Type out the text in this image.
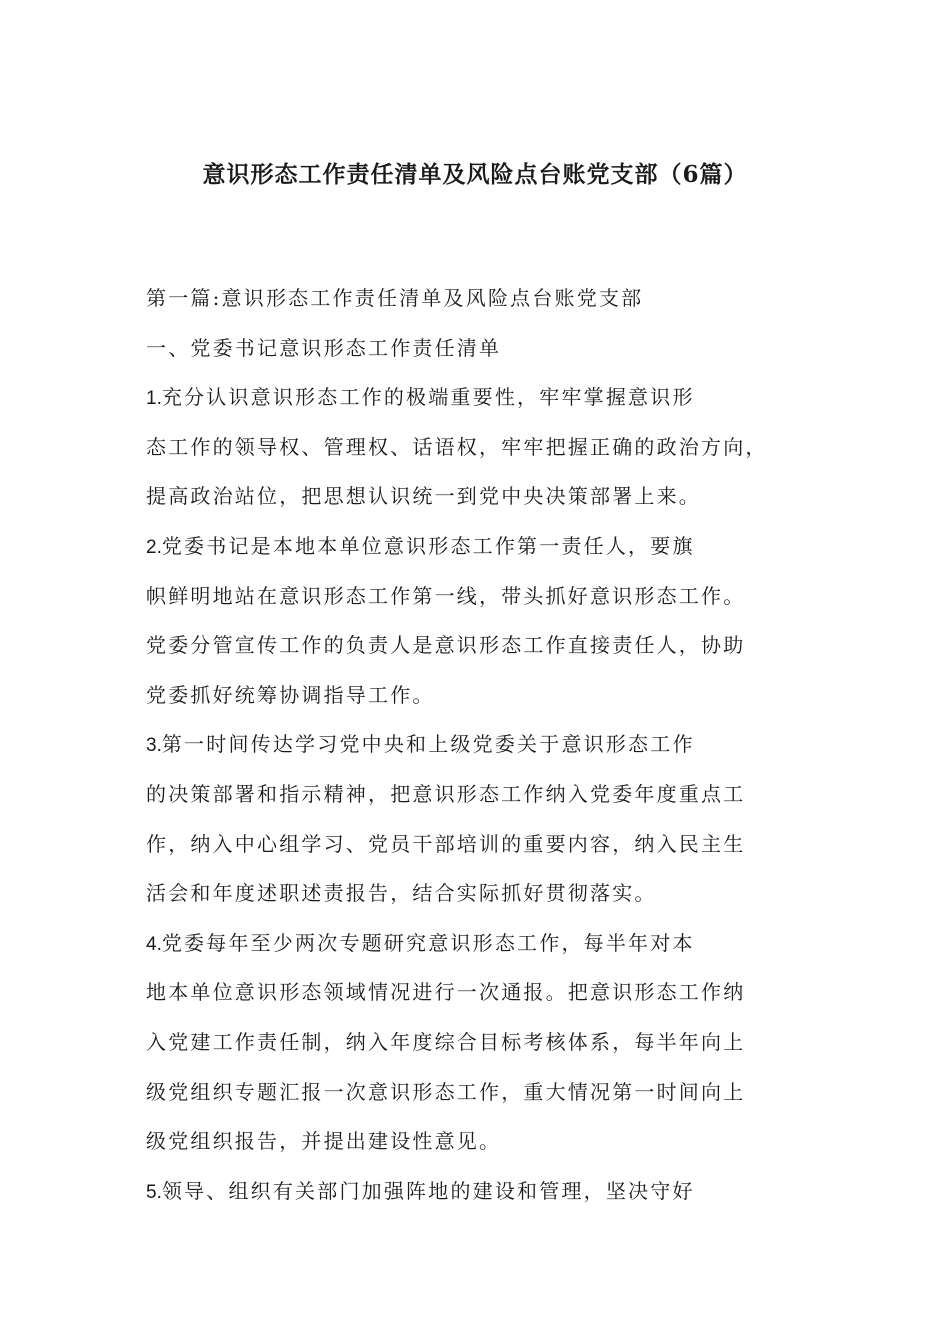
意识形态工作责任清单及风险点台账党支部（6篇）
第一篇:意识形态工作责任清单及风险点台账党支部
一、党委书记意识形态工作责任清单
1.充分认识意识形态工作的极端重要性，牢牢掌握意识形
态工作的领导权、管理权、话语权，牢牢把握正确的政治方向，
提高政治站位，把思想认识统一到党中央决策部署上来。
2.党委书记是本地本单位意识形态工作第一责任人，要旗
帜鲜明地站在意识形态工作第一线，带头抓好意识形态工作。
党委分管宣传工作的负责人是意识形态工作直接责任人，协助
党委抓好统筹协调指导工作。
3.第一时间传达学习党中央和上级党委关于意识形态工作
的决策部署和指示精神，把意识形态工作纳入党委年度重点工
作，纳入中心组学习、党员干部培训的重要内容，纳入民主生
活会和年度述职述责报告，结合实际抓好贯彻落实。
4.党委每年至少两次专题研究意识形态工作，每半年对本
地本单位意识形态领域情况进行一次通报。把意识形态工作纳
入党建工作责任制，纳入年度综合目标考核体系，每半年向上
级党组织专题汇报一次意识形态工作，重大情况第一时间向上
级党组织报告，并提出建设性意见。
5.领导、组织有关部门加强阵地的建设和管理，坚决守好
